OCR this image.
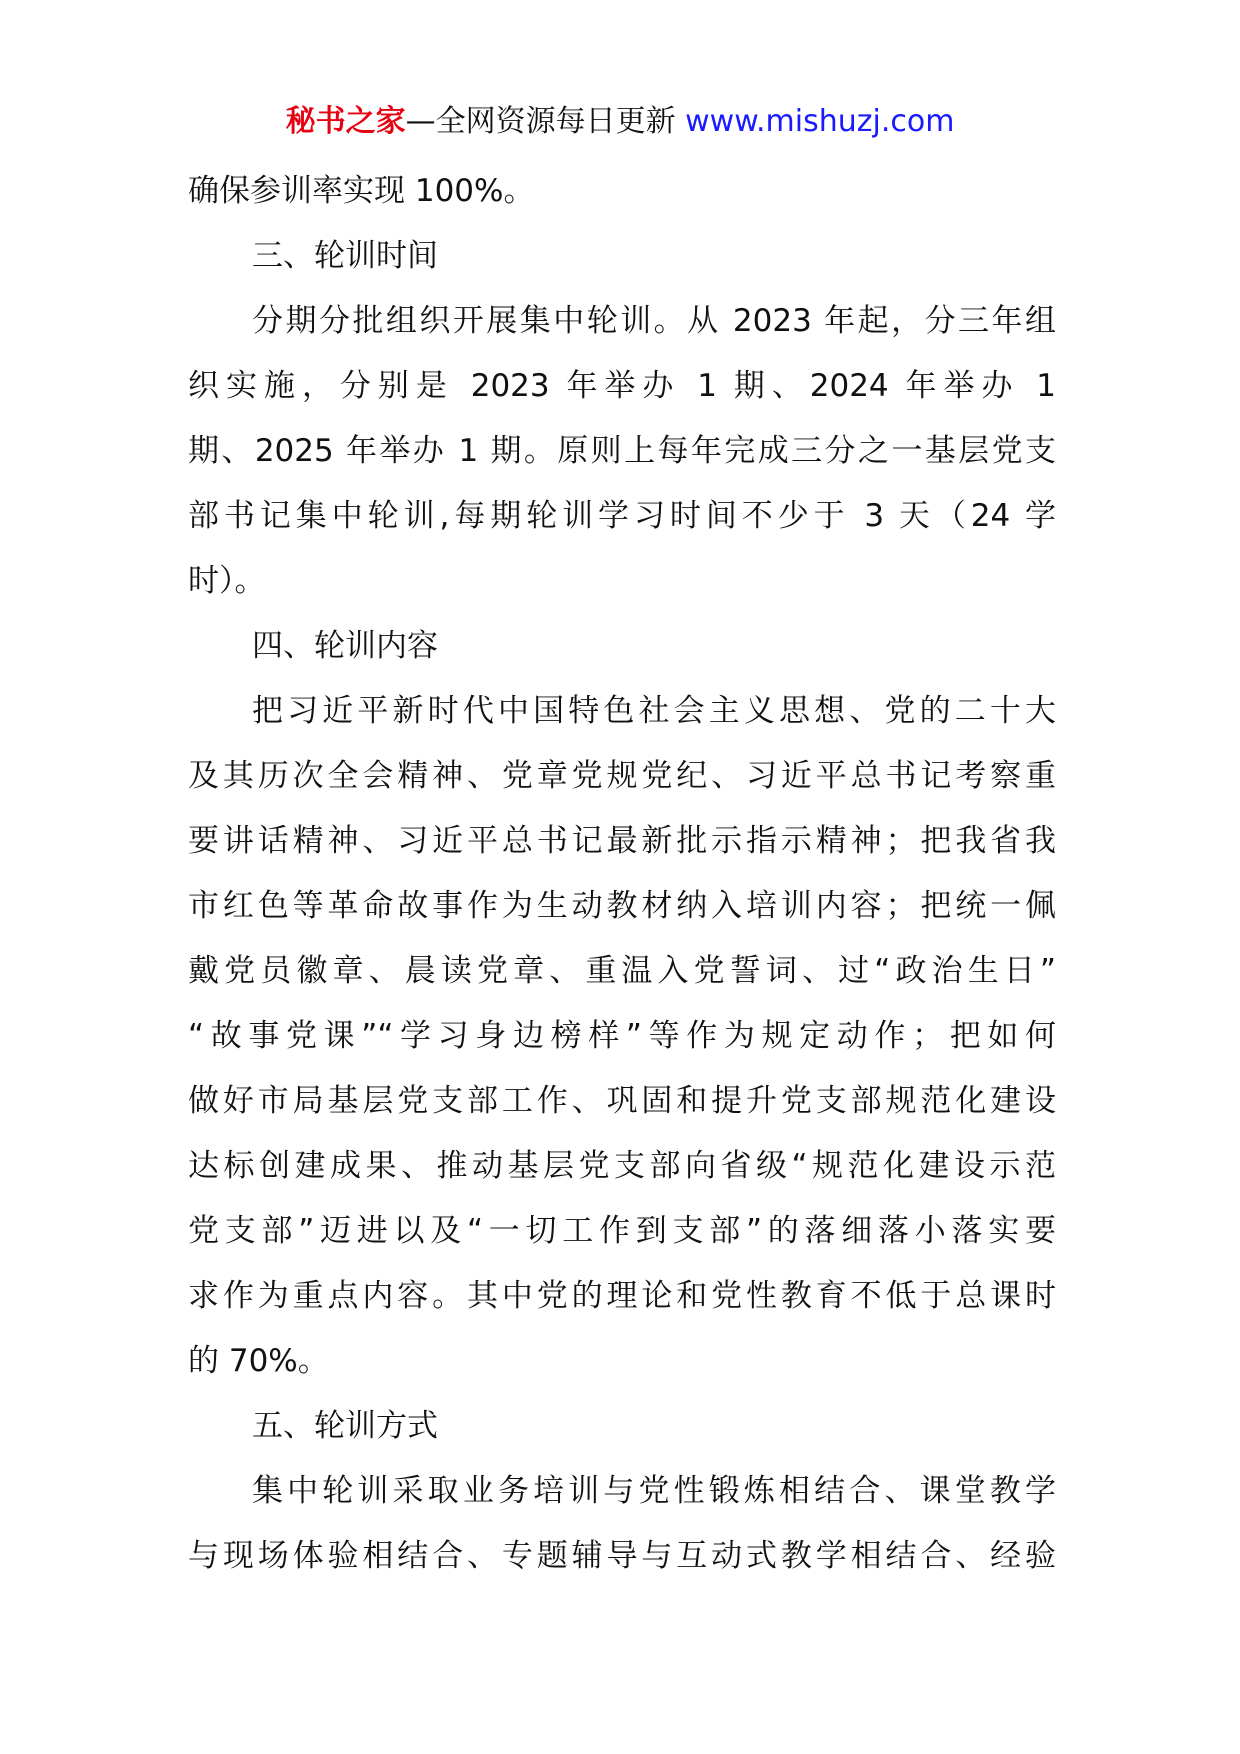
秘书之家—全网资源每日更新 www.mishuzj.com
确保参训率实现 100%。
三、轮训时间
分期分批组织开展集中轮训。从 2023 年起，分三年组
织实施，分别是 2023 年举办 1 期、2024 年举办 1
期、2025 年举办 1 期。原则上每年完成三分之一基层党支
部书记集中轮训,每期轮训学习时间不少于 3 天（24 学
时）。
四、轮训内容
把习近平新时代中国特色社会主义思想、党的二十大
及其历次全会精神、党章党规党纪、习近平总书记考察重
要讲话精神、习近平总书记最新批示指示精神；把我省我
市红色等革命故事作为生动教材纳入培训内容；把统一佩
戴党员徽章、晨读党章、重温入党誓词、过“政治生日”
“故事党课”“学习身边榜样”等作为规定动作；把如何
做好市局基层党支部工作、巩固和提升党支部规范化建设
达标创建成果、推动基层党支部向省级“规范化建设示范
党支部”迈进以及“一切工作到支部”的落细落小落实要
求作为重点内容。其中党的理论和党性教育不低于总课时
的 70%。
五、轮训方式
集中轮训采取业务培训与党性锻炼相结合、课堂教学
与现场体验相结合、专题辅导与互动式教学相结合、经验
